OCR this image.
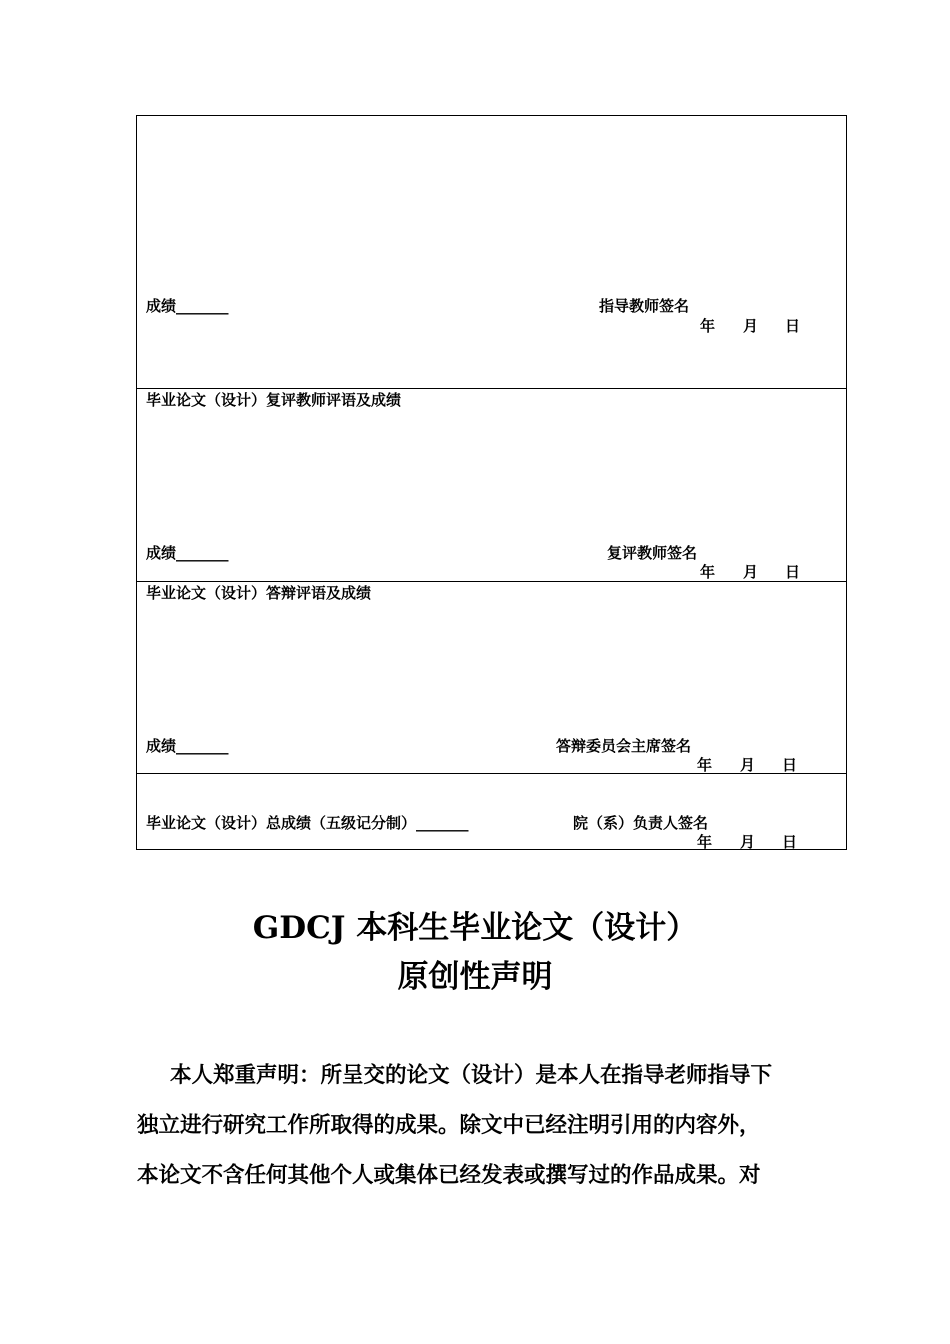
成绩_______	指导教师签名
年 月 日
毕业论文（设计）复评教师评语及成绩
成绩_______	复评教师签名
年 月 日
毕业论文（设计）答辩评语及成绩
成绩_______	答辩委员会主席签名
年 月 日
毕业论文（设计）总成绩（五级记分制）_______	院（系）负责人签名
年 月 日
GDCJ 本科生毕业论文（设计）
原创性声明
本人郑重声明：所呈交的论文（设计）是本人在指导老师指导下
独立进行研究工作所取得的成果。除文中已经注明引用的内容外，
本论文不含任何其他个人或集体已经发表或撰写过的作品成果。对
